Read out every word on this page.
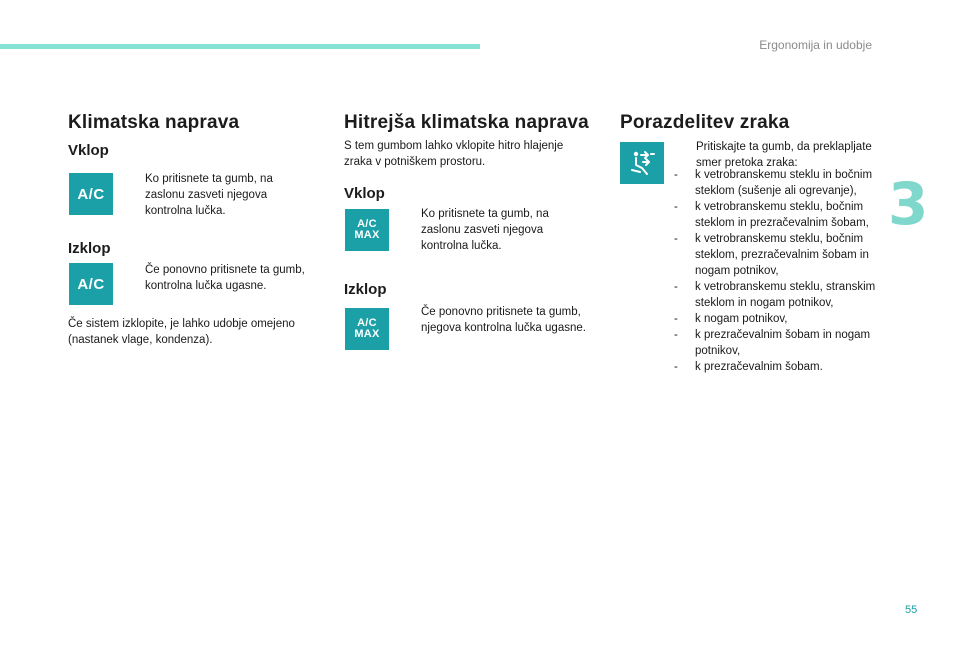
Ergonomija in udobje
3
Klimatska naprava
Vklop
A/C
Ko pritisnete ta gumb, na zaslonu zasveti njegova kontrolna lučka.
Izklop
A/C
Če ponovno pritisnete ta gumb, kontrolna lučka ugasne.

Če sistem izklopite, je lahko udobje omejeno (nastanek vlage, kondenza).

Hitrejša klimatska naprava

S tem gumbom lahko vklopite hitro hlajenje zraka v potniškem prostoru.

Vklop
A/C
MAX
Ko pritisnete ta gumb, na zaslonu zasveti njegova kontrolna lučka.
Izklop
A/C
MAX
Če ponovno pritisnete ta gumb, njegova kontrolna lučka ugasne.
Porazdelitev zraka
Pritiskajte ta gumb, da preklapljate smer pretoka zraka:
- k vetrobranskemu steklu in bočnim steklom (sušenje ali ogrevanje),
- k vetrobranskemu steklu, bočnim steklom in prezračevalnim šobam,
- k vetrobranskemu steklu, bočnim steklom, prezračevalnim šobam in nogam potnikov,
- k vetrobranskemu steklu, stranskim steklom in nogam potnikov,
- k nogam potnikov,
- k prezračevalnim šobam in nogam potnikov,
- k prezračevalnim šobam.
55
